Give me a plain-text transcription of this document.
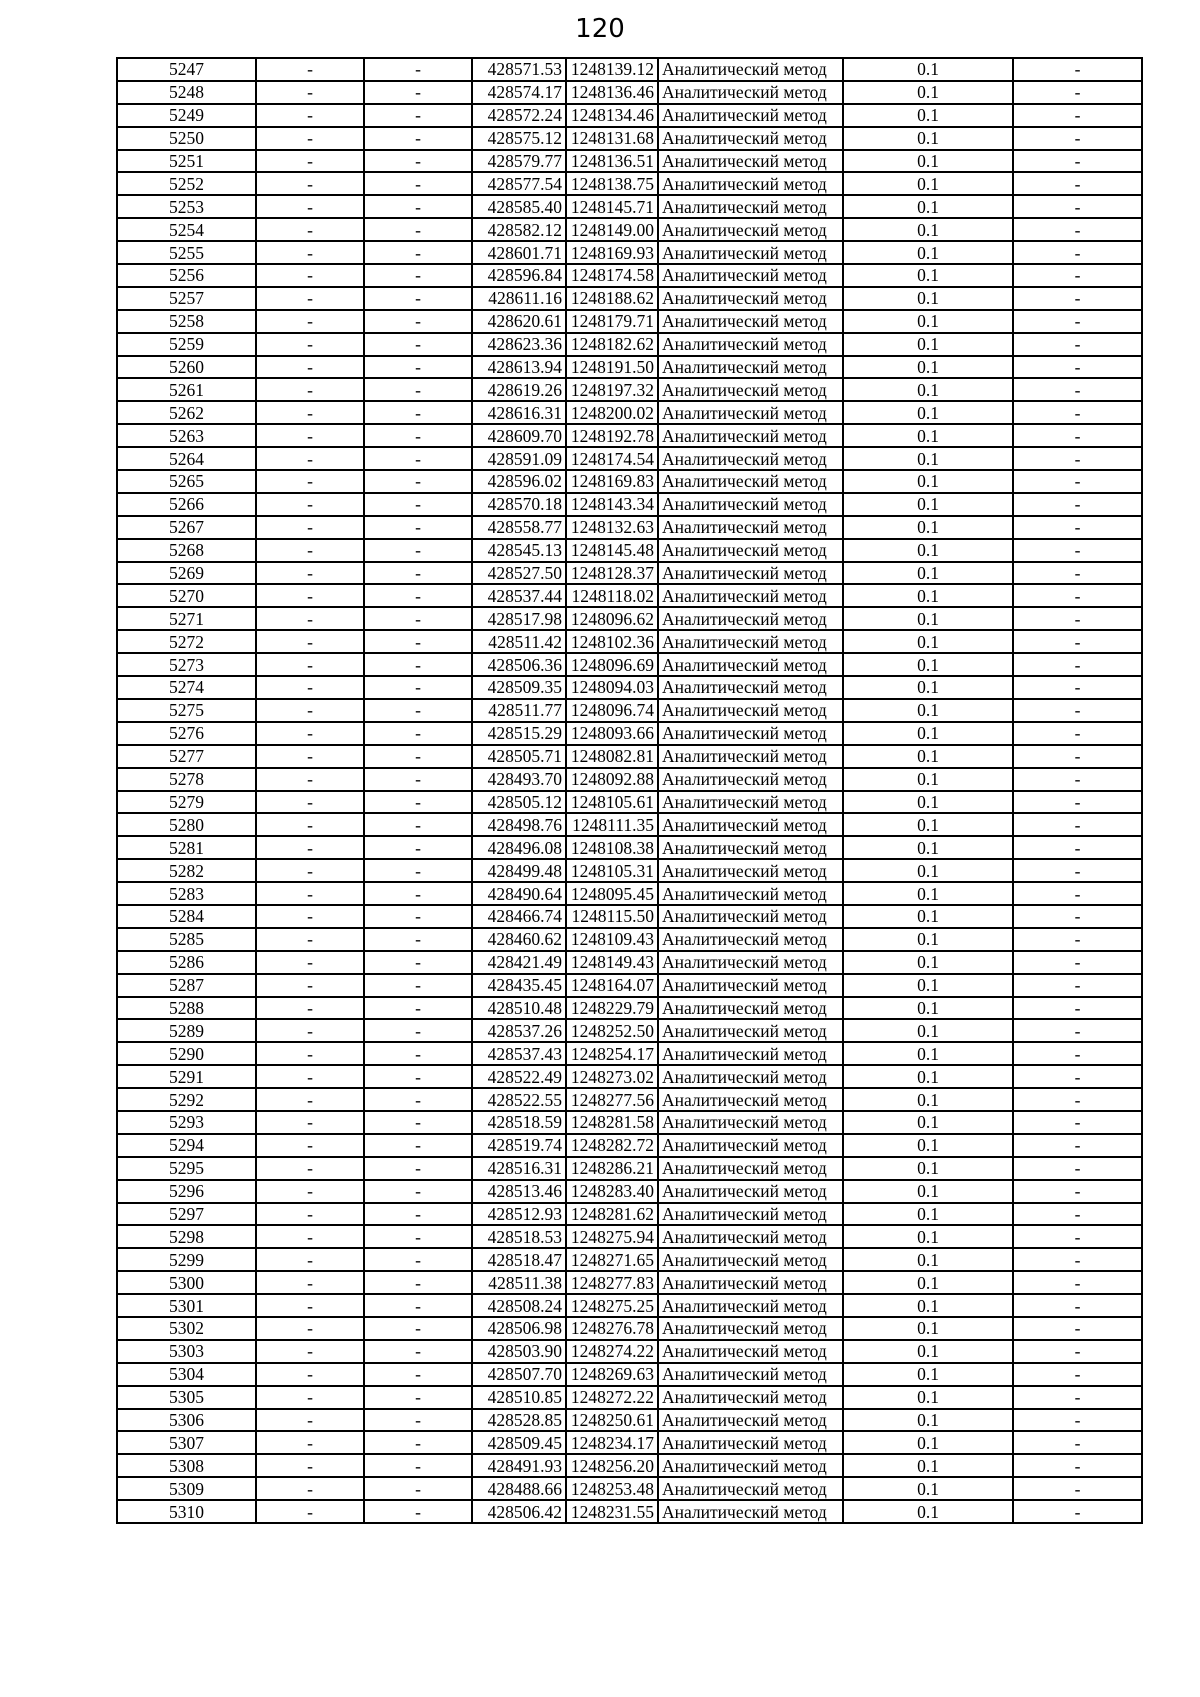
120
5247	-	-	428571.53	1248139.12	Аналитический метод	0.1	-
5248	-	-	428574.17	1248136.46	Аналитический метод	0.1	-
5249	-	-	428572.24	1248134.46	Аналитический метод	0.1	-
5250	-	-	428575.12	1248131.68	Аналитический метод	0.1	-
5251	-	-	428579.77	1248136.51	Аналитический метод	0.1	-
5252	-	-	428577.54	1248138.75	Аналитический метод	0.1	-
5253	-	-	428585.40	1248145.71	Аналитический метод	0.1	-
5254	-	-	428582.12	1248149.00	Аналитический метод	0.1	-
5255	-	-	428601.71	1248169.93	Аналитический метод	0.1	-
5256	-	-	428596.84	1248174.58	Аналитический метод	0.1	-
5257	-	-	428611.16	1248188.62	Аналитический метод	0.1	-
5258	-	-	428620.61	1248179.71	Аналитический метод	0.1	-
5259	-	-	428623.36	1248182.62	Аналитический метод	0.1	-
5260	-	-	428613.94	1248191.50	Аналитический метод	0.1	-
5261	-	-	428619.26	1248197.32	Аналитический метод	0.1	-
5262	-	-	428616.31	1248200.02	Аналитический метод	0.1	-
5263	-	-	428609.70	1248192.78	Аналитический метод	0.1	-
5264	-	-	428591.09	1248174.54	Аналитический метод	0.1	-
5265	-	-	428596.02	1248169.83	Аналитический метод	0.1	-
5266	-	-	428570.18	1248143.34	Аналитический метод	0.1	-
5267	-	-	428558.77	1248132.63	Аналитический метод	0.1	-
5268	-	-	428545.13	1248145.48	Аналитический метод	0.1	-
5269	-	-	428527.50	1248128.37	Аналитический метод	0.1	-
5270	-	-	428537.44	1248118.02	Аналитический метод	0.1	-
5271	-	-	428517.98	1248096.62	Аналитический метод	0.1	-
5272	-	-	428511.42	1248102.36	Аналитический метод	0.1	-
5273	-	-	428506.36	1248096.69	Аналитический метод	0.1	-
5274	-	-	428509.35	1248094.03	Аналитический метод	0.1	-
5275	-	-	428511.77	1248096.74	Аналитический метод	0.1	-
5276	-	-	428515.29	1248093.66	Аналитический метод	0.1	-
5277	-	-	428505.71	1248082.81	Аналитический метод	0.1	-
5278	-	-	428493.70	1248092.88	Аналитический метод	0.1	-
5279	-	-	428505.12	1248105.61	Аналитический метод	0.1	-
5280	-	-	428498.76	1248111.35	Аналитический метод	0.1	-
5281	-	-	428496.08	1248108.38	Аналитический метод	0.1	-
5282	-	-	428499.48	1248105.31	Аналитический метод	0.1	-
5283	-	-	428490.64	1248095.45	Аналитический метод	0.1	-
5284	-	-	428466.74	1248115.50	Аналитический метод	0.1	-
5285	-	-	428460.62	1248109.43	Аналитический метод	0.1	-
5286	-	-	428421.49	1248149.43	Аналитический метод	0.1	-
5287	-	-	428435.45	1248164.07	Аналитический метод	0.1	-
5288	-	-	428510.48	1248229.79	Аналитический метод	0.1	-
5289	-	-	428537.26	1248252.50	Аналитический метод	0.1	-
5290	-	-	428537.43	1248254.17	Аналитический метод	0.1	-
5291	-	-	428522.49	1248273.02	Аналитический метод	0.1	-
5292	-	-	428522.55	1248277.56	Аналитический метод	0.1	-
5293	-	-	428518.59	1248281.58	Аналитический метод	0.1	-
5294	-	-	428519.74	1248282.72	Аналитический метод	0.1	-
5295	-	-	428516.31	1248286.21	Аналитический метод	0.1	-
5296	-	-	428513.46	1248283.40	Аналитический метод	0.1	-
5297	-	-	428512.93	1248281.62	Аналитический метод	0.1	-
5298	-	-	428518.53	1248275.94	Аналитический метод	0.1	-
5299	-	-	428518.47	1248271.65	Аналитический метод	0.1	-
5300	-	-	428511.38	1248277.83	Аналитический метод	0.1	-
5301	-	-	428508.24	1248275.25	Аналитический метод	0.1	-
5302	-	-	428506.98	1248276.78	Аналитический метод	0.1	-
5303	-	-	428503.90	1248274.22	Аналитический метод	0.1	-
5304	-	-	428507.70	1248269.63	Аналитический метод	0.1	-
5305	-	-	428510.85	1248272.22	Аналитический метод	0.1	-
5306	-	-	428528.85	1248250.61	Аналитический метод	0.1	-
5307	-	-	428509.45	1248234.17	Аналитический метод	0.1	-
5308	-	-	428491.93	1248256.20	Аналитический метод	0.1	-
5309	-	-	428488.66	1248253.48	Аналитический метод	0.1	-
5310	-	-	428506.42	1248231.55	Аналитический метод	0.1	-
